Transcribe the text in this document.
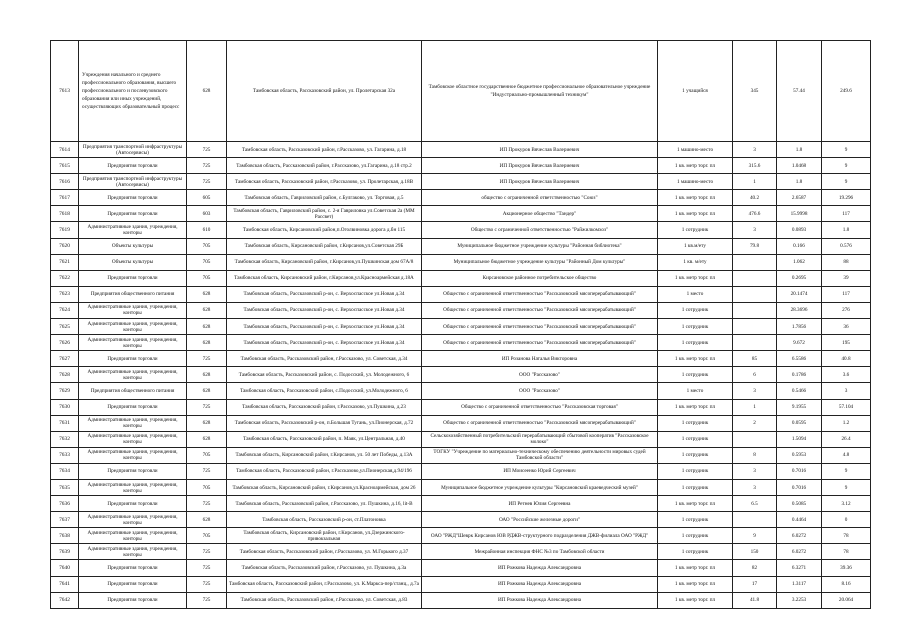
7613	Учреждения начального и среднего профессионального образования, высшего профессионального и послевузовского образования или иных учреждений, осуществляющих образовательный процесс	628	Тамбовская область, Рассказовский район, ул. Пролетарская 32а	Тамбовское областное государственное бюджетное профессиональное образовательное учреждение "Индустриально-промышленный техникум"	1 учащийся	345	57.44	249.6
7614	Предприятия транспортной инфраструктуры (Автосервисы)	725	Тамбовская область, Рассказовский район, г.Рассказово, ул. Гагарина, д.18	ИП Прокуров Вячеслав Валериевич	1 машино-место	3	1.8	9
7615	Предприятия торговли	725	Тамбовская область, Рассказовский район, г.Рассказово, ул.Гагарина, д.18 стр.2	ИП Прокуров Вячеслав Валериевич	1 кв. метр торг. пл	315.6	1.0468	9
7616	Предприятия транспортной инфраструктуры (Автосервисы)	725	Тамбовская область, Рассказовский район, г.Рассказово, ул. Пролетарская, д.18В	ИП Прокуров Вячеслав Валериевич	1 машино-место	1	1.8	9
7617	Предприятия торговли	605	Тамбовская область, Гавриловский район, с.Булгаково, ул. Торговая, д.5	общество с ограниченной ответственностью "Союз"	1 кв. метр торг. пл	40.2	2.6587	19.296
7618	Предприятия торговли	603	Тамбовская область, Гавриловский район, с. 2-я Гавриловка ул.Советская 2а (ММ Рассвет)	Акционерное общество "Тандер"	1 кв. метр торг. пл	476.6	15.9998	117
7619	Административные здания, учреждения, конторы	610	Тамбовская область, Кирсановский район,п.Оголвиновка дорога д.бн 115	Общество с ограниченной ответственностью "Райжилкомхоз"	1 сотрудник	3	0.0893	1.8
7620	Объекты культуры	705	Тамбовская область, Кирсановский район, г.Кирсанов,ул.Советская 29Б	Муниципальное бюджетное учреждение культуры "Районная библиотека"	1 кв.м/ету	79.8	0.166	0.576
7621	Объекты культуры	705	Тамбовская область, Кирсановский район, г.Кирсанов,ул.Пушкинская дом 67А/8	Муниципальное бюджетное учреждение культуры "Районный Дом культуры"	1 кв. м/ету		1.062	88
7622	Предприятия торговли	705	Тамбовская область, Кирсановский район, г.Кирсанов,ул.Красноармейская д.18А	Кирсановское районное потребительское общество	1 кв. метр торг. пл		0.2695	39
7623	Предприятия общественного питания	628	Тамбовская область, Рассказовский р-он, с. Верхоспасское ул.Новая д.34	Общество с ограниченной ответственностью "Рассказовский мясоперерабатывающий"	1 место		20.1474	117
7624	Административные здания, учреждения, конторы	628	Тамбовская область, Рассказовский р-он, с. Верхоспасское ул.Новая д.34	Общество с ограниченной ответственностью "Рассказовский мясоперерабатывающий"	1 сотрудник		28.3696	276
7625	Административные здания, учреждения, конторы	628	Тамбовская область, Рассказовский р-он, с. Верхоспасское ул.Новая д.34	Общество с ограниченной ответственностью "Рассказовский мясоперерабатывающий"	1 сотрудник		1.7856	36
7626	Административные здания, учреждения, конторы	628	Тамбовская область, Рассказовский р-он, с. Верхоспасское ул.Новая д.34	Общество с ограниченной ответственностью "Рассказовский мясоперерабатывающий"	1 сотрудник		9.672	195
7627	Предприятия торговли	725	Тамбовская область, Рассказовский район, г.Рассказово, ул. Советская, д.34	ИП Розанова Наталья Викторовна	1 кв. метр торг. пл	85	6.5586	40.8
7628	Административные здания, учреждения, конторы	628	Тамбовская область, Рассказовский район, с. Подосский, ул. Молодежного, 6	ООО "Рассказово"	1 сотрудник	6	0.1786	3.6
7629	Предприятия общественного питания	628	Тамбовская область, Рассказовский район, с.Подосский, ул.Молодежного, 6	ООО "Рассказово"	1 место	3	0.5466	3
7630	Предприятия торговли	725	Тамбовская область, Рассказовский район, г.Рассказово, ул.Пушкина, д.23	Общество с ограниченной ответственностью "Рассказовская торговая"	1 кв. метр торг. пл	1	9.1955	57.104
7631	Административные здания, учреждения, конторы	628	Тамбовская область, Рассказовский р-он, п.Большая Тугань, ул.Пионерская, д.72	Общество с ограниченной ответственностью "Рассказовский мясоперерабатывающий"	1 сотрудник	2	0.0595	1.2
7632	Административные здания, учреждения, конторы	628	Тамбовская область, Рассказовский район, п. Маяк, ул.Центральная, д.40	Сельскохозяйственный потребительский перерабатывающий сбытовой кооператив "Рассказовское молоко"	1 сотрудник		1.5094	26.4
7633	Административные здания, учреждения, конторы	705	Тамбовская область, Кирсановский район, г.Кирсанов, ул. 50 лет Победы, д.13А	ТОГКУ "Учреждение по материально-техническому обеспечению деятельности мировых судей Тамбовской области"	1 сотрудник	8	0.5953	4.8
7634	Предприятия торговли	725	Тамбовская область, Рассказовский район, г.Рассказово,ул.Пионерская,д.94/196	ИП Моисеенко Юрий Сергеевич	1 сотрудник	3	0.7016	9
7635	Административные здания, учреждения, конторы	705	Тамбовская область, Кирсановский район, г.Кирсанов,ул.Красноармейская, дом 26	Муниципальное бюджетное учреждение культуры "Кирсановский краеведческий музей"	1 сотрудник	3	0.7016	9
7636	Предприятия торговли	725	Тамбовская область, Рассказовский район, г.Рассказово, ул. Пушкина, д.16, lit-В	ИП Ретнев Юлия Сергеевна	1 кв. метр торг. пл	6.5	0.5085	3.12
7637	Административные здания, учреждения, конторы	628	Тамбовская область, Рассказовский р-он, ст.Платоновка	ОАО "Российские железные дороги"	1 сотрудник		0.4464	0
7638	Административные здания, учреждения, конторы	705	Тамбовская область, Кирсановский район, г.Кирсанов, ул.Дзержинского-привокзальная	ОАО "РЖД"Шеврк Кирсанов ЮВ РДЖВ-структурного подразделения ДЖВ-филиала ОАО "РЖД"	1 сотрудник	9	6.0272	78
7639	Административные здания, учреждения, конторы	725	Тамбовская область, Рассказовский район, г.Рассказово, ул. М.Горького д.37	Межрайонная инспекция ФНС №3 по Тамбовской области	1 сотрудник	150	6.0272	78
7640	Предприятия торговли	725	Тамбовская область, Рассказовский район, г.Рассказово, ул. Пушкина, д.3а	ИП Рожкова Надежда Александровна	1 кв. метр торг. пл	82	6.3271	39.36
7641	Предприятия торговли	725	Тамбовская область, Рассказовский район, г.Рассказово, ул. К.Маркса-пер/станц., д.7а	ИП Рожкова Надежда Александровна	1 кв. метр торг. пл	17	1.3117	8.16
7642	Предприятия торговли	725	Тамбовская область, Рассказовский район, г.Рассказово, ул. Советская, д.83	ИП Рожкова Надежда Александровна	1 кв. метр торг. пл	41.8	3.2253	20.064
